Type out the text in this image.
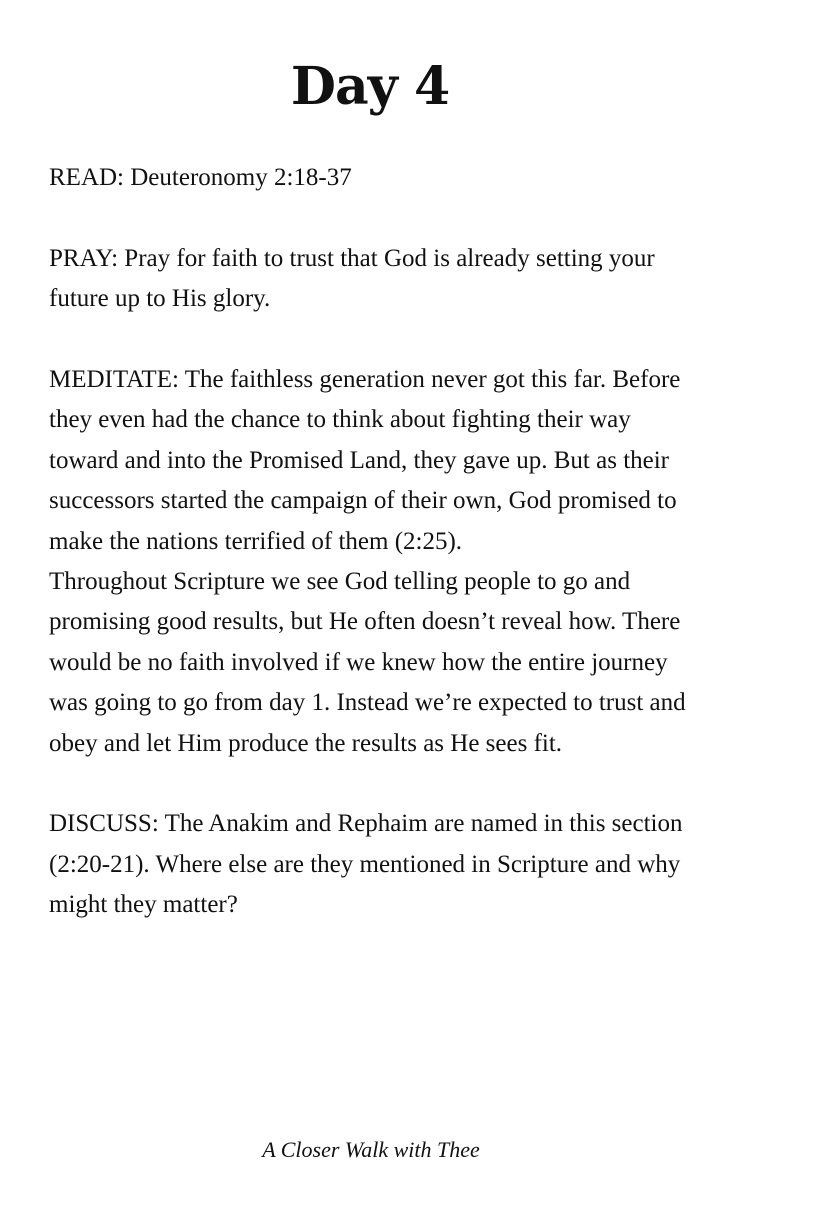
Day 4

READ: Deuteronomy 2:18-37

PRAY: Pray for faith to trust that God is already setting your future up to His glory.

MEDITATE: The faithless generation never got this far. Before they even had the chance to think about fighting their way toward and into the Promised Land, they gave up. But as their successors started the campaign of their own, God promised to make the nations terrified of them (2:25).

Throughout Scripture we see God telling people to go and promising good results, but He often doesn’t reveal how. There would be no faith involved if we knew how the entire journey was going to go from day 1. Instead we’re expected to trust and obey and let Him produce the results as He sees fit.

DISCUSS: The Anakim and Rephaim are named in this section (2:20-21). Where else are they mentioned in Scripture and why might they matter?

A Closer Walk with Thee
